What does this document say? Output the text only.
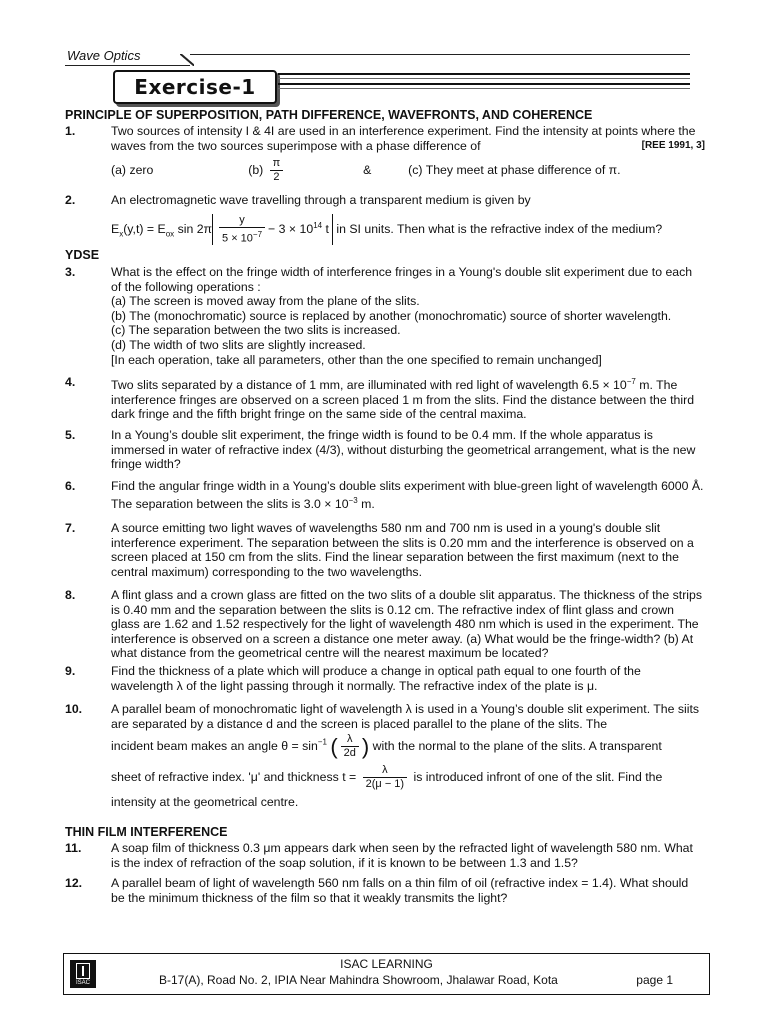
Wave Optics
Exercise-1
PRINCIPLE OF SUPERPOSITION, PATH DIFFERENCE, WAVEFRONTS, AND COHERENCE
1.	Two sources of intensity I & 4I are used in an interference experiment. Find the intensity at points where the waves from the two sources superimpose with a phase difference of	[REE 1991, 3]
(a) zero	$(b) \frac{\pi}{2}$	&	(c) They meet at phase difference of π.
2.	An electromagnetic wave travelling through a transparent medium is given by
$E_x(y,t) = E_{ox}$ $\sin 2\pi \frac{y}{5 \times 10^{-7}} - 3 \times 10^{14}$ t in SI units. Then what is the refractive index of the medium?
YDSE
3.	What is the effect on the fringe width of interference fringes in a Young's double slit experiment due to each of the following operations :
(a) The screen is moved away from the plane of the slits.
(b) The (monochromatic) source is replaced by another (monochromatic) source of shorter wavelength.
(c) The separation between the two slits is increased.
(d) The width of two slits are slightly increased.
[In each operation, take all parameters, other than the one specified to remain unchanged]
4.	Two slits separated by a distance of 1 mm, are illuminated with red light of wavelength $6.5 \times 10^{-7}$ m. The interference fringes are observed on a screen placed 1 m from the slits. Find the distance between the third dark fringe and the fifth bright fringe on the same side of the central maxima.
5.	In a Young’s double slit experiment, the fringe width is found to be 0.4 mm. If the whole apparatus is immersed in water of refractive index (4/3), without disturbing the geometrical arrangement, what is the new fringe width?
6.	Find the angular fringe width in a Young’s double slits experiment with blue-green light of wavelength 6000 Å. The separation between the slits is $3.0 \times 10^{-3}$ m.
7.	A source emitting two light waves of wavelengths 580 nm and 700 nm is used in a young's double slit interference experiment. The separation between the slits is 0.20 mm and the interference is observed on a screen placed at 150 cm from the slits. Find the linear separation between the first maximum (next to the central maximum) corresponding to the two wavelengths.
8.	A flint glass and a crown glass are fitted on the two slits of a double slit apparatus. The thickness of the strips is 0.40 mm and the separation between the slits is 0.12 cm. The refractive index of flint glass and crown glass are 1.62 and 1.52 respectively for the light of wavelength 480 nm which is used in the experiment. The interference is observed on a screen a distance one meter away. (a) What would be the fringe-width? (b) At what distance from the geometrical centre will the nearest maximum be located?
9.	Find the thickness of a plate which will produce a change in optical path equal to one fourth of the wavelength λ of the light passing through it normally. The refractive index of the plate is μ.
10. A parallel beam of monochromatic light of wavelength λ is used in a Young’s double slit experiment. The siits are separated by a distance d and the screen is placed parallel to the plane of the slits. The
incident beam makes an angle $\theta = \sin^{-1}$ ( $\frac{\lambda}{2d}$ ) with the normal to the plane of the slits. A transparent
sheet of refractive index. 'μ' and thickness $t = \frac{\lambda}{2(\mu - 1)}$ is introduced infront of one of the slit. Find the
intensity at the geometrical centre.
THIN FILM INTERFERENCE
11. A soap film of thickness 0.3 μm appears dark when seen by the refracted light of wavelength 580 nm. What is the index of refraction of the soap solution, if it is known to be between 1.3 and 1.5?
12. A parallel beam of light of wavelength 560 nm falls on a thin film of oil (refractive index = 1.4). What should be the minimum thickness of the film so that it weakly transmits the light?
ISAC
ISAC LEARNING
B-17(A), Road No. 2, IPIA Near Mahindra Showroom, Jhalawar Road, Kota	page 1
